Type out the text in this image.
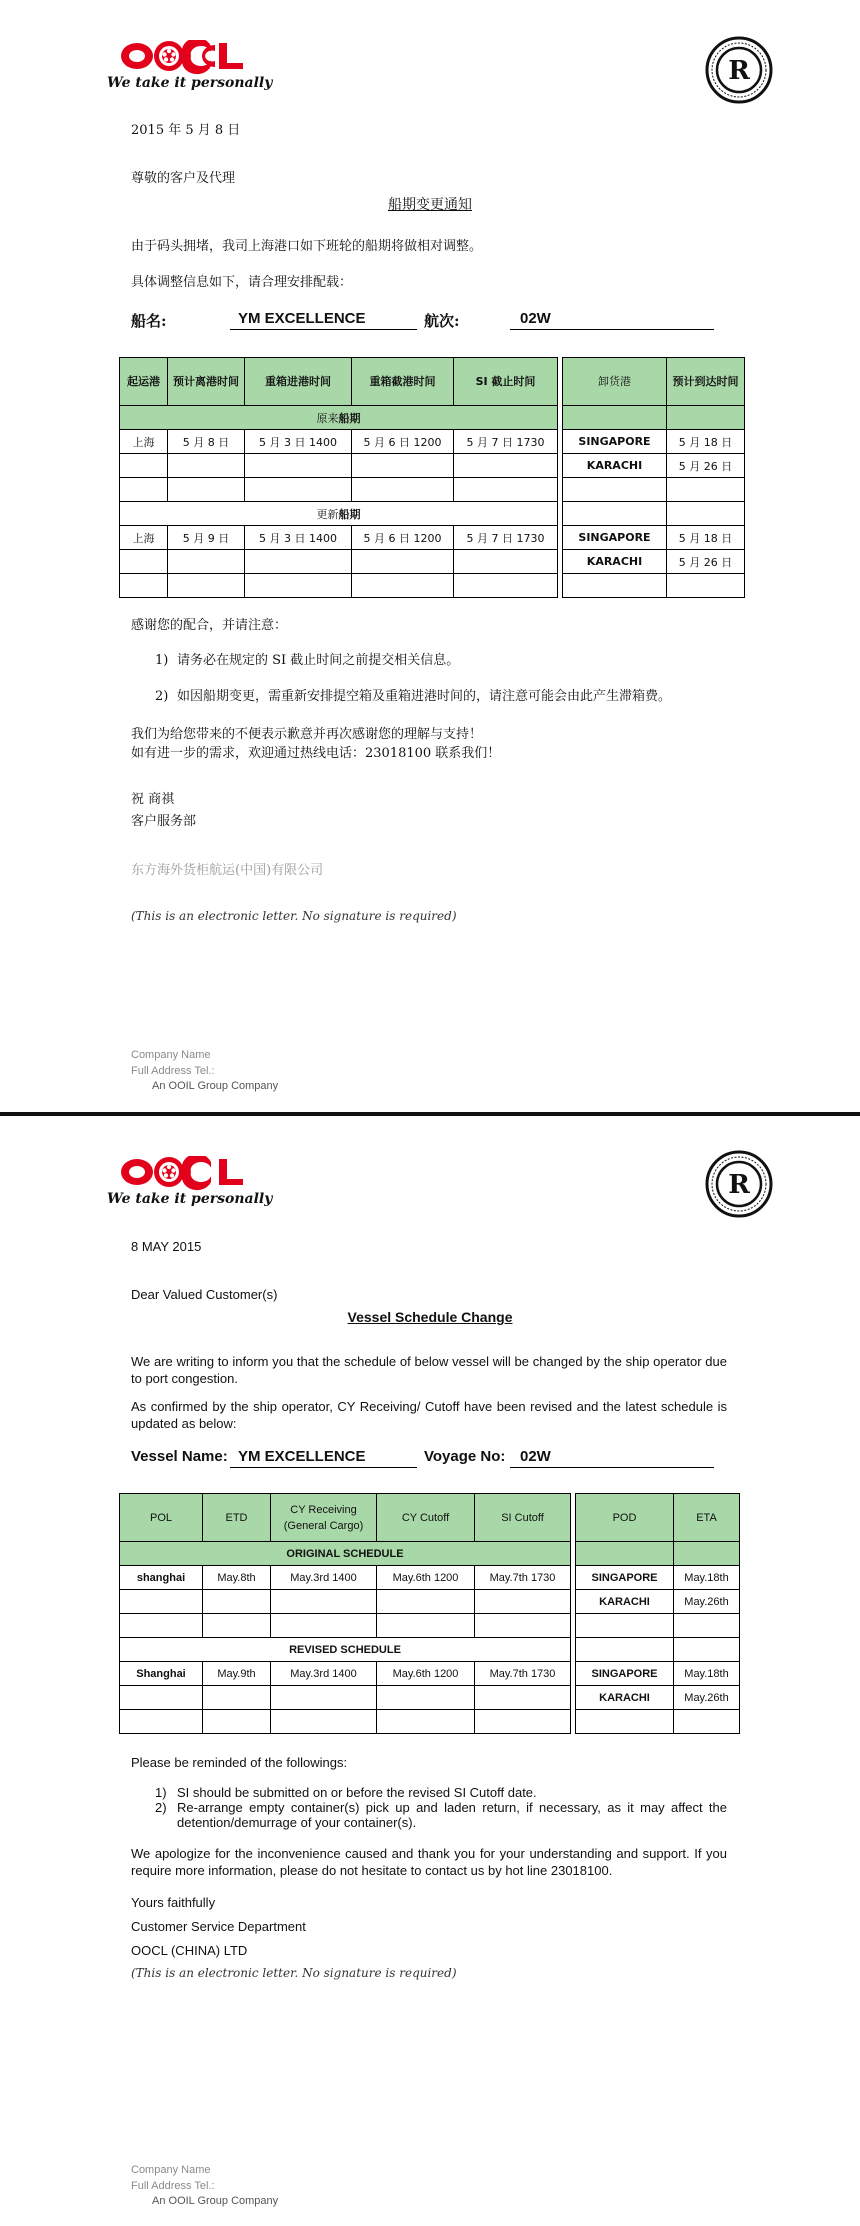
We take it personally	R
2015 年 5 月 8 日
尊敬的客户及代理
船期变更通知
由于码头拥堵，我司上海港口如下班轮的船期将做相对调整。
具体调整信息如下，请合理安排配载：
船名:	YM EXCELLENCE	航次:	02W
起运港	预计离港时间	重箱进港时间	重箱截港时间	SI 截止时间		卸货港	预计到达时间
原来船期							
上海	5 月 8 日	5 月 3 日 1400	5 月 6 日 1200	5 月 7 日 1730		SINGAPORE	5 月 18 日
						KARACHI	5 月 26 日

更新船期							
上海	5 月 9 日	5 月 3 日 1400	5 月 6 日 1200	5 月 7 日 1730		SINGAPORE	5 月 18 日
						KARACHI	5 月 26 日

感谢您的配合，并请注意：
1) 请务必在规定的 SI 截止时间之前提交相关信息。
2) 如因船期变更，需重新安排提空箱及重箱进港时间的，请注意可能会由此产生滞箱费。
我们为给您带来的不便表示歉意并再次感谢您的理解与支持！
如有进一步的需求，欢迎通过热线电话：23018100 联系我们！
祝 商祺
客户服务部
东方海外货柜航运(中国)有限公司
(This is an electronic letter. No signature is required)
Company Name
Full Address Tel.:
An OOIL Group Company
We take it personally	R
8 MAY 2015
Dear Valued Customer(s)
Vessel Schedule Change
We are writing to inform you that the schedule of below vessel will be changed by the ship operator due to port congestion.
As confirmed by the ship operator, CY Receiving/ Cutoff have been revised and the latest schedule is updated as below:
Vessel Name: YM EXCELLENCE	Voyage No: 02W
POL	ETD	CY Receiving (General Cargo)	CY Cutoff	SI Cutoff		POD	ETA
ORIGINAL SCHEDULE							
shanghai	May.8th	May.3rd 1400	May.6th 1200	May.7th 1730		SINGAPORE	May.18th
						KARACHI	May.26th

REVISED SCHEDULE							
Shanghai	May.9th	May.3rd 1400	May.6th 1200	May.7th 1730		SINGAPORE	May.18th
						KARACHI	May.26th

Please be reminded of the followings:
1) SI should be submitted on or before the revised SI Cutoff date.
2) Re-arrange empty container(s) pick up and laden return, if necessary, as it may affect the detention/demurrage of your container(s).
We apologize for the inconvenience caused and thank you for your understanding and support. If you require more information, please do not hesitate to contact us by hot line 23018100.
Yours faithfully
Customer Service Department
OOCL (CHINA) LTD
(This is an electronic letter. No signature is required)
Company Name
Full Address Tel.:
An OOIL Group Company
